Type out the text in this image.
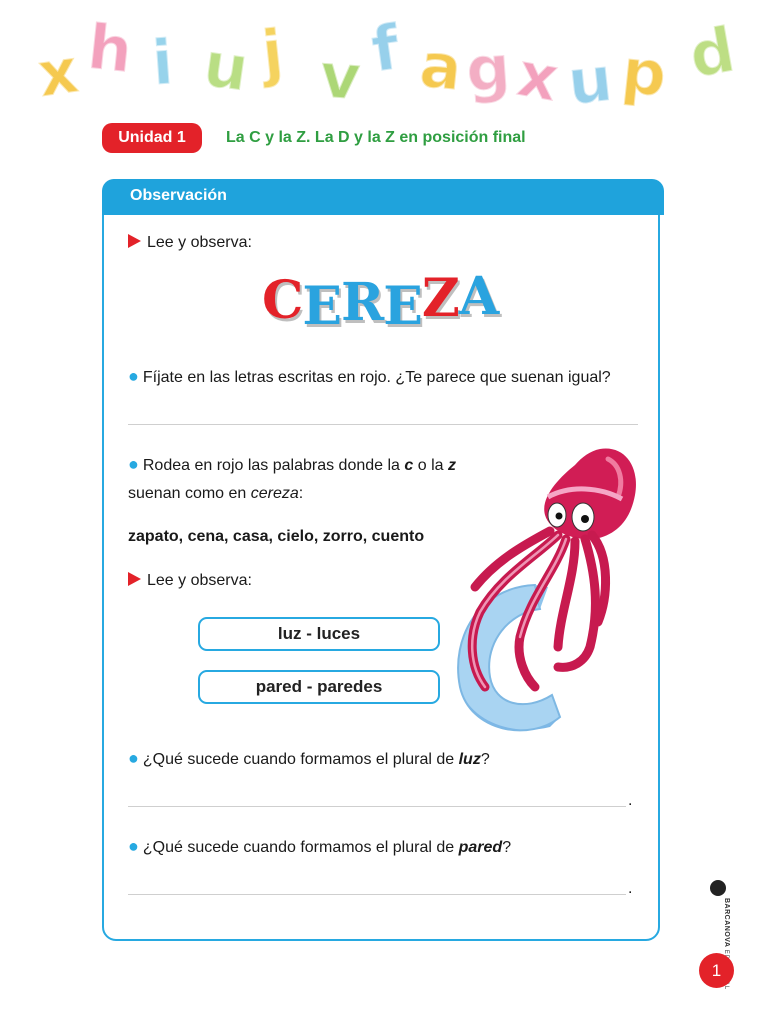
x h i u j v f a
g x u p d
Unidad 1	La C y la Z. La D y la Z en posición final
Observación
Lee y observa:
CEREZA
● Fíjate en las letras escritas en rojo. ¿Te parece que suenan igual?
● Rodea en rojo las palabras donde la c o la z
suenan como en cereza:
zapato, cena, casa, cielo, zorro, cuento
Lee y observa:
luz - luces
pared - paredes
● ¿Qué sucede cuando formamos el plural de luz?
.
● ¿Qué sucede cuando formamos el plural de pared?
.
BARCANOVA
1
